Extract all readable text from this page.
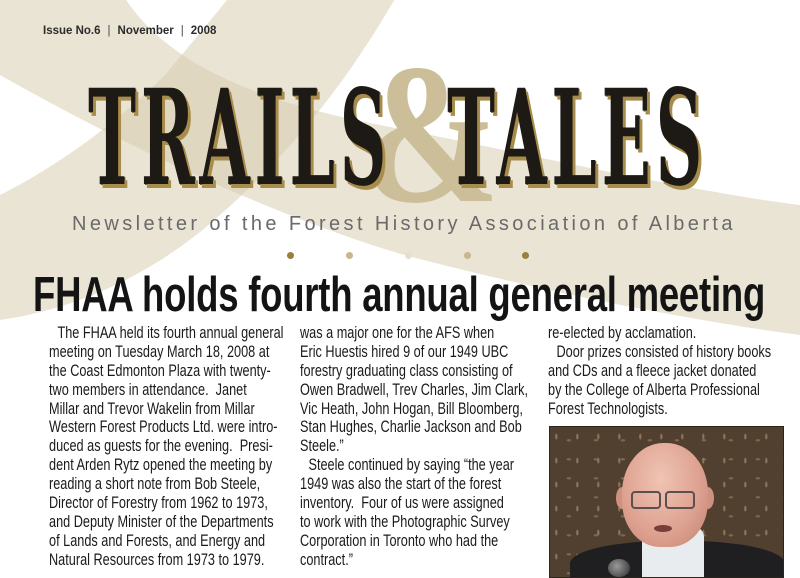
Issue No.6 | November | 2008 &
TRAILS TALES
Newsletter of the Forest History Association of Alberta
FHAA holds fourth annual general meeting
The FHAA held its fourth annual general
meeting on Tuesday March 18, 2008 at
the Coast Edmonton Plaza with twenty-
two members in attendance.  Janet
Millar and Trevor Wakelin from Millar
Western Forest Products Ltd. were intro-
duced as guests for the evening.  Presi-
dent Arden Rytz opened the meeting by
reading a short note from Bob Steele,
Director of Forestry from 1962 to 1973,
and Deputy Minister of the Departments
of Lands and Forests, and Energy and
Natural Resources from 1973 to 1979.
was a major one for the AFS when
Eric Huestis hired 9 of our 1949 UBC
forestry graduating class consisting of
Owen Bradwell, Trev Charles, Jim Clark,
Vic Heath, John Hogan, Bill Bloomberg,
Stan Hughes, Charlie Jackson and Bob
Steele.”
Steele continued by saying “the year
1949 was also the start of the forest
inventory.  Four of us were assigned
to work with the Photographic Survey
Corporation in Toronto who had the
contract.”
re-elected by acclamation.
Door prizes consisted of history books
and CDs and a fleece jacket donated
by the College of Alberta Professional
Forest Technologists.
